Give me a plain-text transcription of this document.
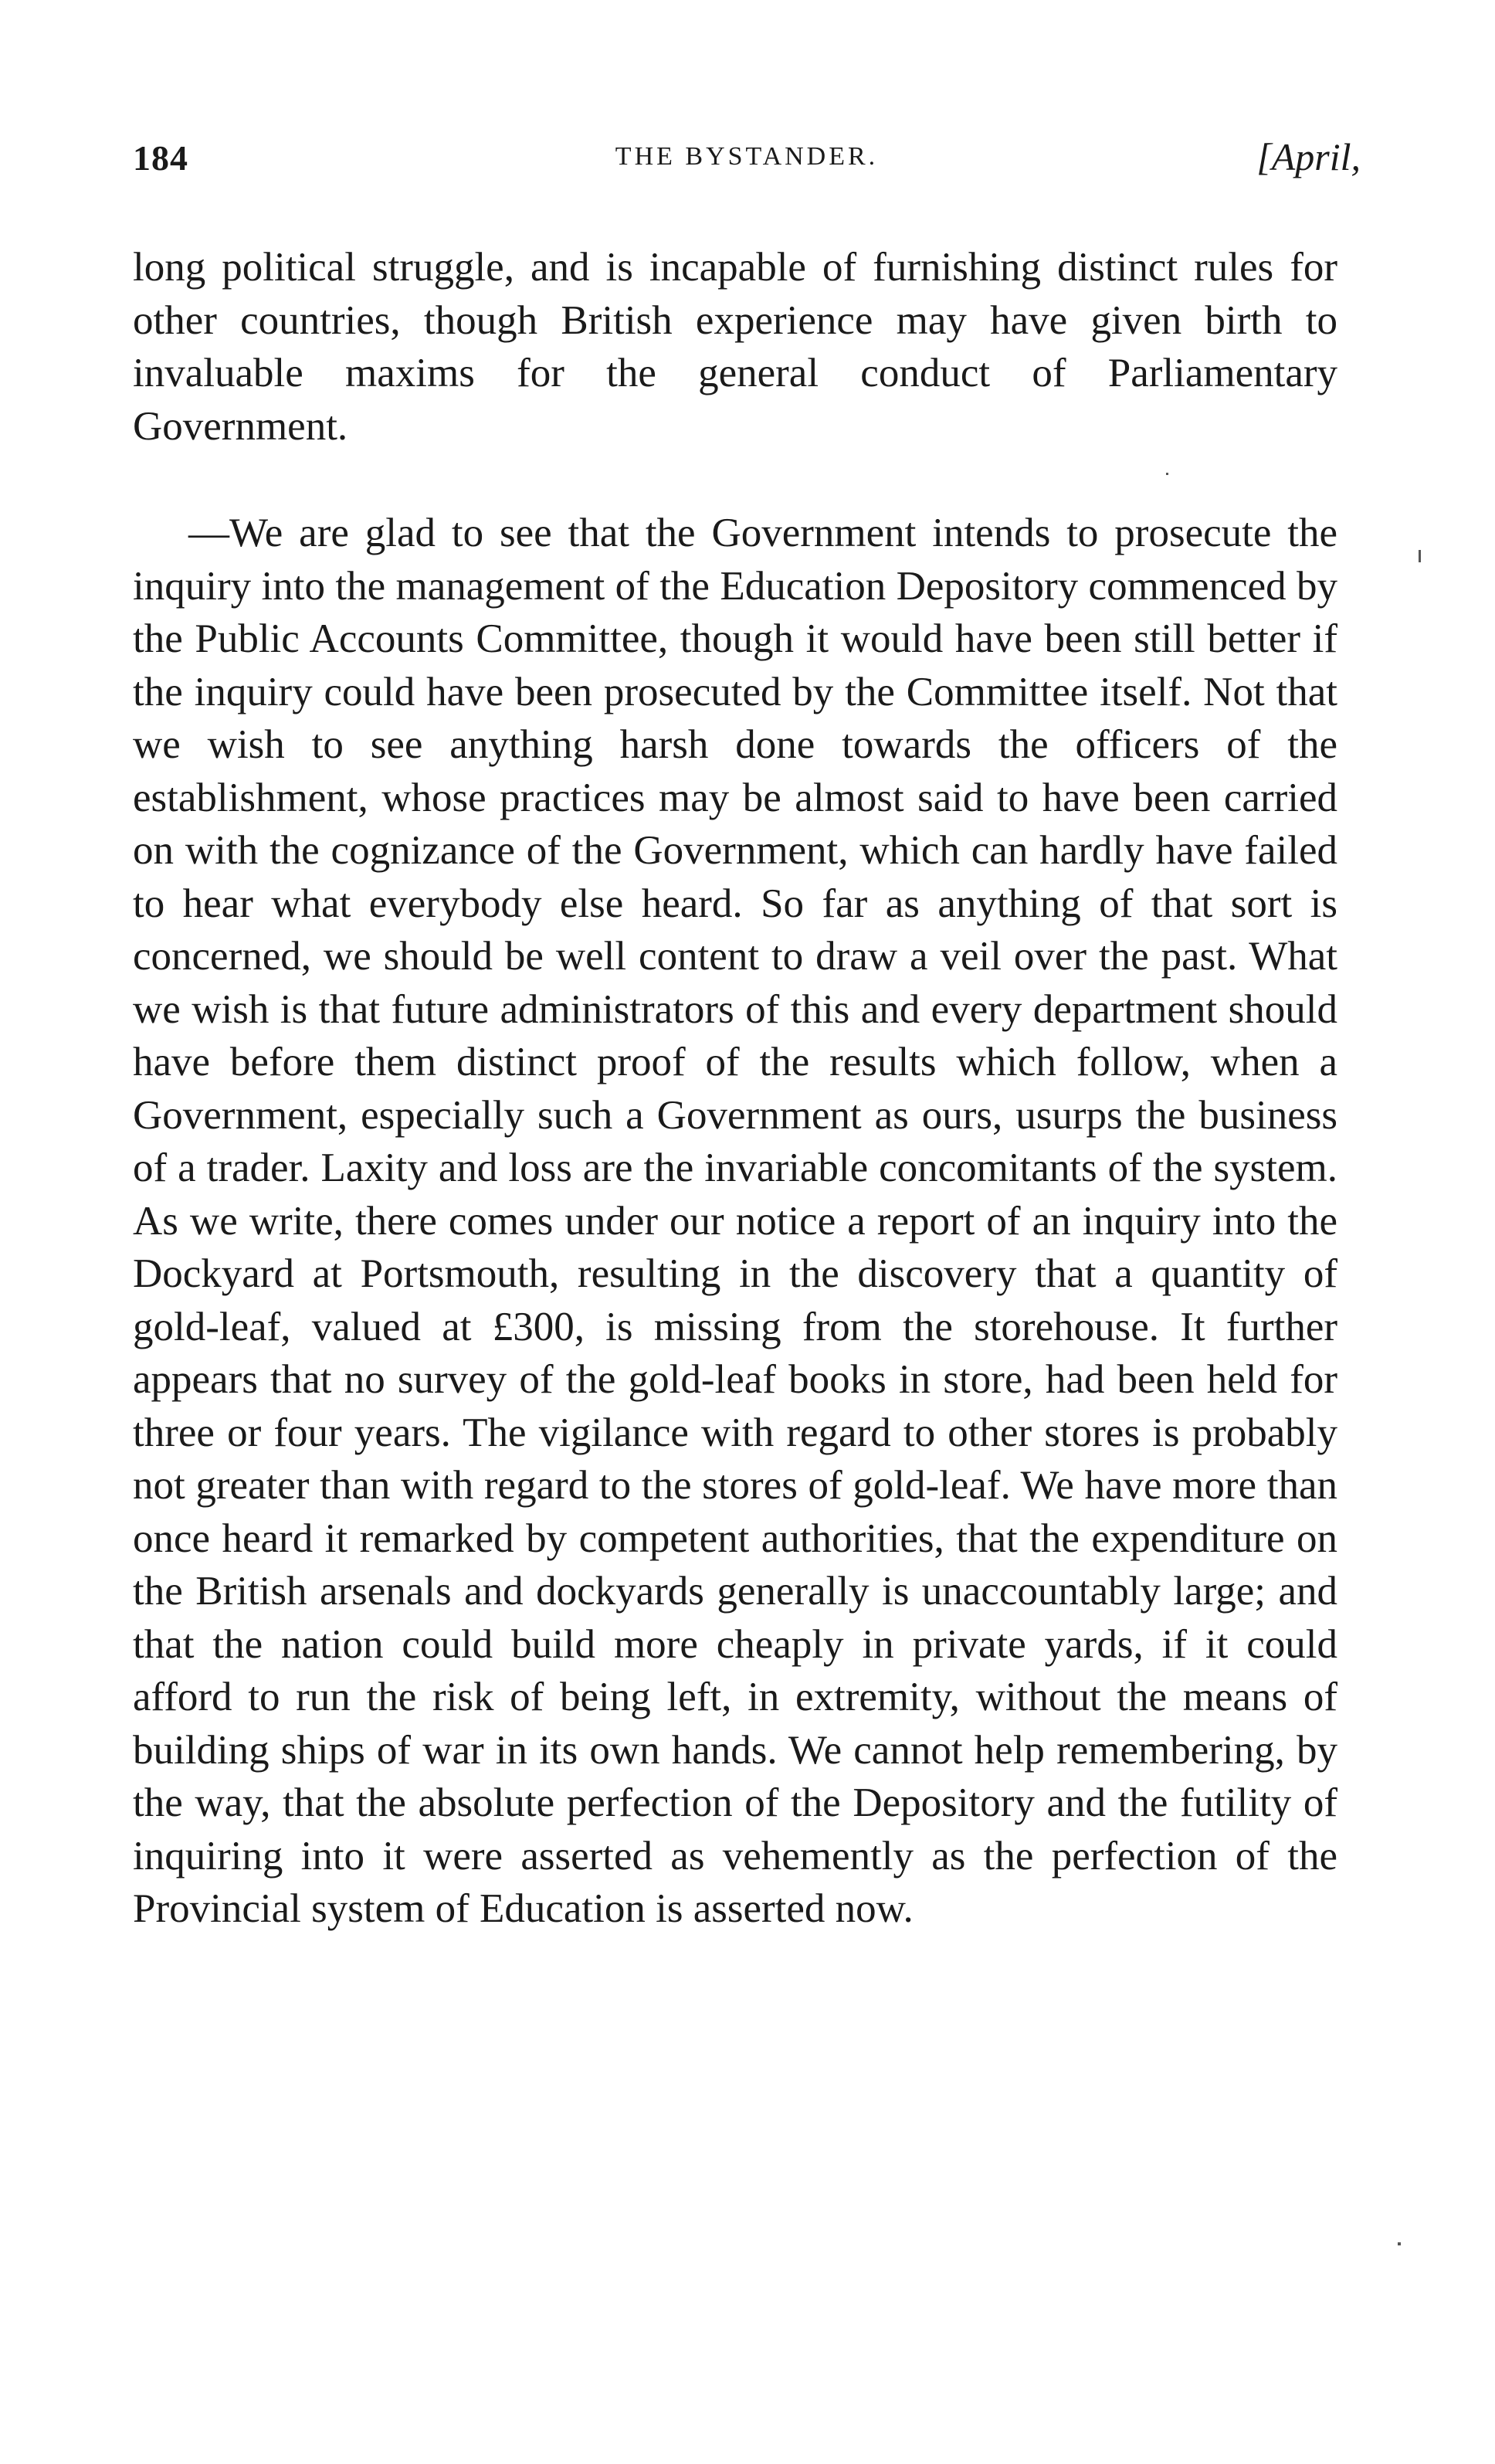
184	THE BYSTANDER.	[April,

long political struggle, and is incapable of furnishing distinct rules for other countries, though British experience may have given birth to invaluable maxims for the general conduct of Parliamentary Government.

—We are glad to see that the Government intends to prosecute the inquiry into the management of the Education Depository commenced by the Public Accounts Committee, though it would have been still better if the inquiry could have been prosecuted by the Committee itself. Not that we wish to see anything harsh done towards the officers of the establishment, whose practices may be almost said to have been carried on with the cognizance of the Government, which can hardly have failed to hear what everybody else heard. So far as anything of that sort is concerned, we should be well content to draw a veil over the past. What we wish is that future administrators of this and every department should have before them distinct proof of the results which follow, when a Government, especially such a Government as ours, usurps the business of a trader. Laxity and loss are the invariable concomitants of the system. As we write, there comes under our notice a report of an inquiry into the Dockyard at Portsmouth, resulting in the discovery that a quantity of gold-leaf, valued at £300, is missing from the storehouse. It further appears that no survey of the gold-leaf books in store, had been held for three or four years. The vigilance with regard to other stores is probably not greater than with regard to the stores of gold-leaf. We have more than once heard it remarked by competent authorities, that the expenditure on the British arsenals and dockyards generally is unaccountably large; and that the nation could build more cheaply in private yards, if it could afford to run the risk of being left, in extremity, without the means of building ships of war in its own hands. We cannot help remembering, by the way, that the absolute perfection of the Depository and the futility of inquiring into it were asserted as vehemently as the perfection of the Provincial system of Education is asserted now.
